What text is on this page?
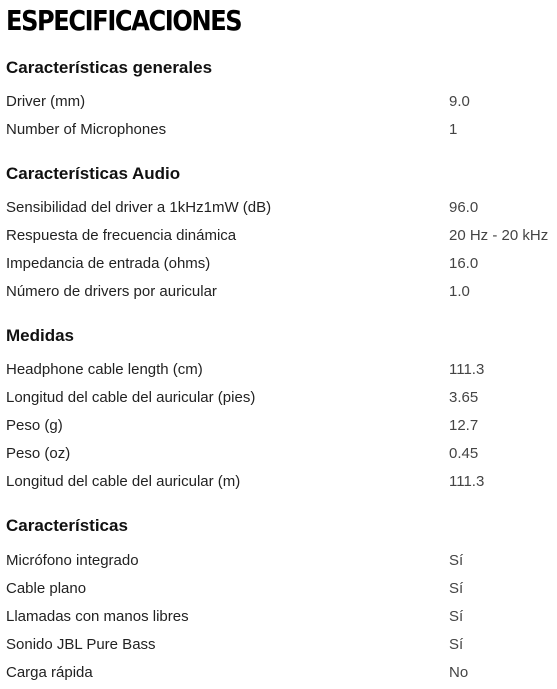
ESPECIFICACIONES
Características generales
Driver (mm)	9.0
Number of Microphones	1
Características Audio
Sensibilidad del driver a 1kHz1mW (dB)	96.0
Respuesta de frecuencia dinámica	20 Hz - 20 kHz
Impedancia de entrada (ohms)	16.0
Número de drivers por auricular	1.0
Medidas
Headphone cable length (cm)	111.3
Longitud del cable del auricular (pies)	3.65
Peso (g)	12.7
Peso (oz)	0.45
Longitud del cable del auricular (m)	111.3
Características
Micrófono integrado	Sí
Cable plano	Sí
Llamadas con manos libres	Sí
Sonido JBL Pure Bass	Sí
Carga rápida	No
